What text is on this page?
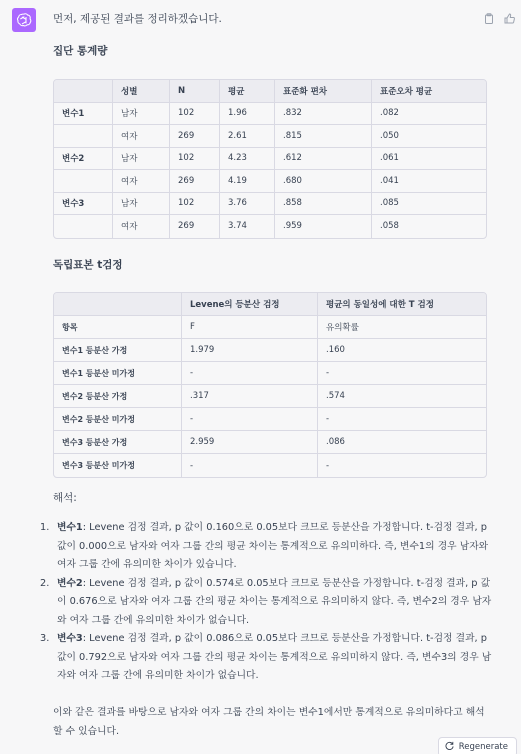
먼저, 제공된 결과를 정리하겠습니다.
집단 통계량
	성별	N	평균	표준화 편차	표준오차 평균
변수1	남자	102	1.96	.832	.082
	여자	269	2.61	.815	.050
변수2	남자	102	4.23	.612	.061
	여자	269	4.19	.680	.041
변수3	남자	102	3.76	.858	.085
	여자	269	3.74	.959	.058
독립표본 t검정
	Levene의 등분산 검정	평균의 동일성에 대한 T 검정
항목	F	유의확률
변수1 등분산 가정	1.979	.160
변수1 등분산 미가정	-	-
변수2 등분산 가정	.317	.574
변수2 등분산 미가정	-	-
변수3 등분산 가정	2.959	.086
변수3 등분산 미가정	-	-
해석:
1. 변수1: Levene 검정 결과, p 값이 0.160으로 0.05보다 크므로 등분산을 가정합니다. t-검정 결과, p 값이 0.000으로 남자와 여자 그룹 간의 평균 차이는 통계적으로 유의미하다. 즉, 변수1의 경우 남자와 여자 그룹 간에 유의미한 차이가 있습니다.
2. 변수2: Levene 검정 결과, p 값이 0.574로 0.05보다 크므로 등분산을 가정합니다. t-검정 결과, p 값이 0.676으로 남자와 여자 그룹 간의 평균 차이는 통계적으로 유의미하지 않다. 즉, 변수2의 경우 남자와 여자 그룹 간에 유의미한 차이가 없습니다.
3. 변수3: Levene 검정 결과, p 값이 0.086으로 0.05보다 크므로 등분산을 가정합니다. t-검정 결과, p 값이 0.792으로 남자와 여자 그룹 간의 평균 차이는 통계적으로 유의미하지 않다. 즉, 변수3의 경우 남자와 여자 그룹 간에 유의미한 차이가 없습니다.
이와 같은 결과를 바탕으로 남자와 여자 그룹 간의 차이는 변수1에서만 통계적으로 유의미하다고 해석할 수 있습니다.
Regenerate
